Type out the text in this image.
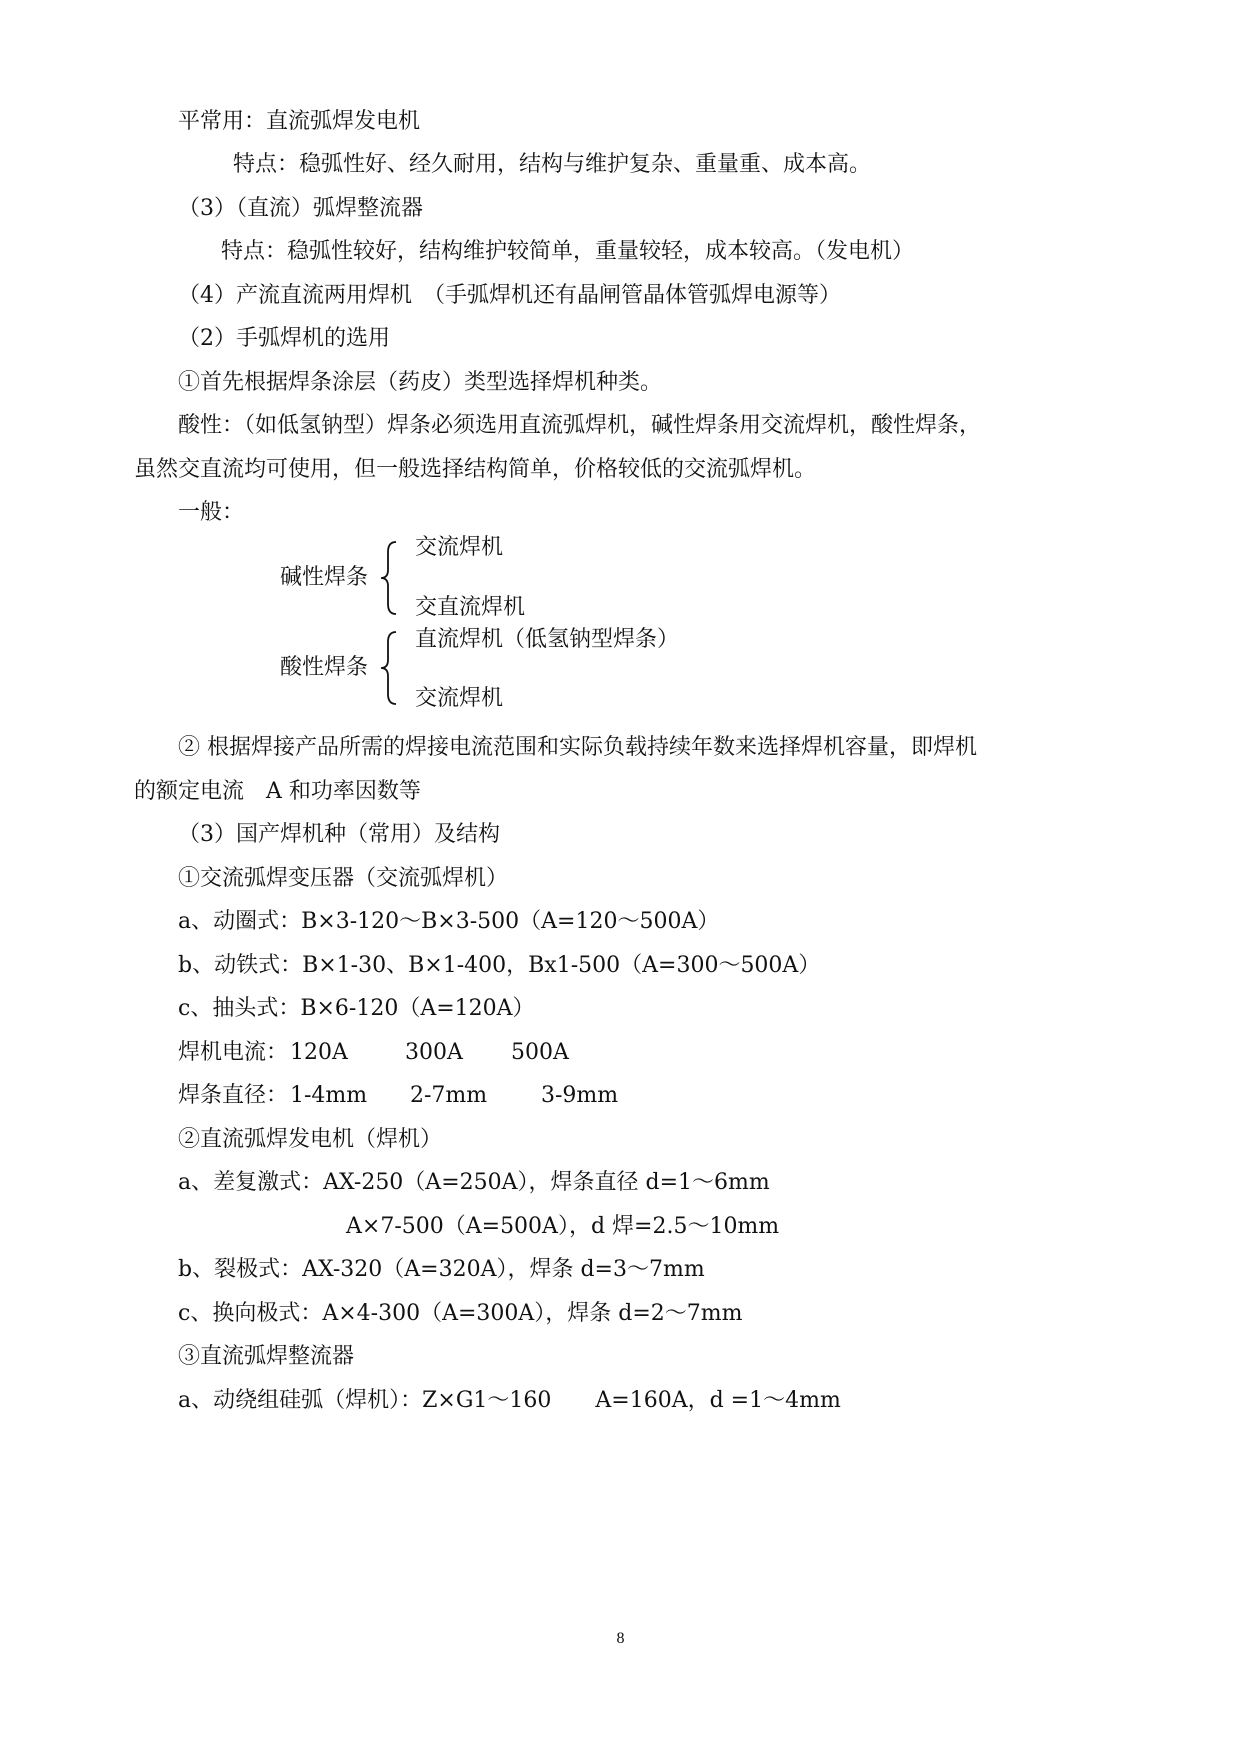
平常用：直流弧焊发电机
特点：稳弧性好、经久耐用，结构与维护复杂、重量重、成本高。
（3）（直流）弧焊整流器
特点：稳弧性较好，结构维护较简单，重量较轻，成本较高。（发电机）
（4）产流直流两用焊机　（手弧焊机还有晶闸管晶体管弧焊电源等）
（2）手弧焊机的选用
①首先根据焊条涂层（药皮）类型选择焊机种类。
酸性：（如低氢钠型）焊条必须选用直流弧焊机，碱性焊条用交流焊机，酸性焊条，
虽然交直流均可使用，但一般选择结构简单，价格较低的交流弧焊机。
一般：
碱性焊条
交流焊机
交直流焊机
酸性焊条
直流焊机（低氢钠型焊条）
交流焊机
② 根据焊接产品所需的焊接电流范围和实际负载持续年数来选择焊机容量，即焊机
的额定电流　A 和功率因数等
（3）国产焊机种（常用）及结构
①交流弧焊变压器（交流弧焊机）
a、动圈式：B×3-120～B×3-500（A=120～500A）
b、动铁式：B×1-30、B×1-400，Bx1-500（A=300～500A）
c、抽头式：B×6-120（A=120A）
焊机电流： 120A	300A 500A
焊条直径： 1-4mm 2-7mm 3-9mm
②直流弧焊发电机（焊机）
a、差复激式：AX-250（A=250A），焊条直径 d=1～6mm
A×7-500（A=500A），d 焊=2.5～10mm
b、裂极式：AX-320（A=320A），焊条 d=3～7mm
c、换向极式：A×4-300（A=300A），焊条 d=2～7mm
③直流弧焊整流器
a、动绕组硅弧（焊机）：Z×G1～160　　A=160A，d =1～4mm
8
